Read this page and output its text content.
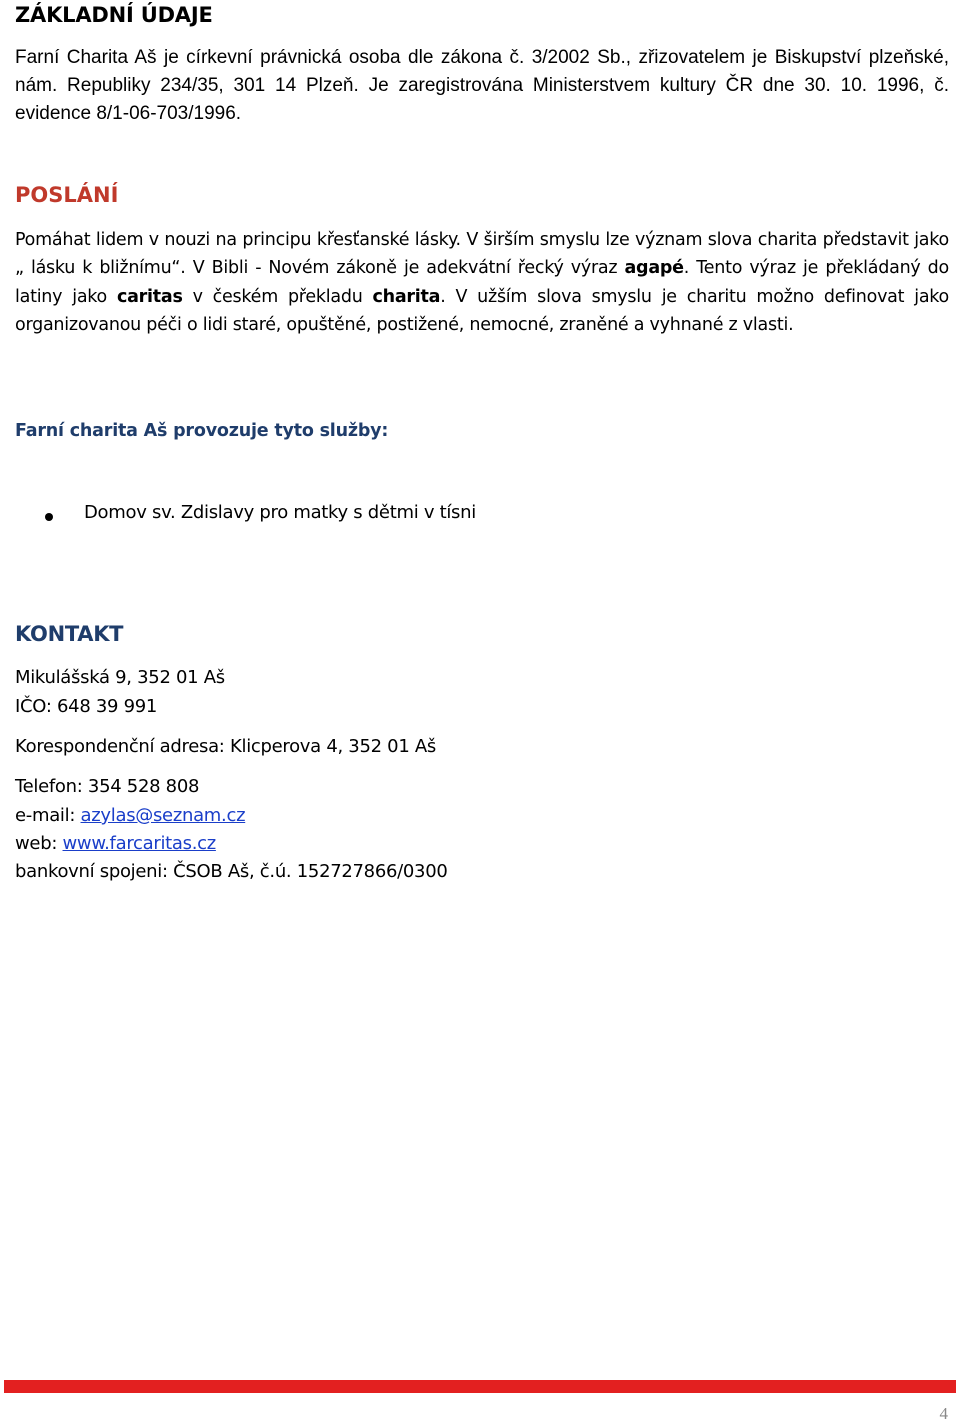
ZÁKLADNÍ ÚDAJE
Farní Charita Aš je církevní právnická osoba dle zákona č. 3/2002 Sb., zřizovatelem je Biskupství plzeňské, nám. Republiky 234/35, 301 14 Plzeň. Je zaregistrována Ministerstvem kultury ČR dne 30. 10. 1996, č. evidence 8/1-06-703/1996.
POSLÁNÍ
Pomáhat lidem v nouzi na principu křesťanské lásky. V širším smyslu lze význam slova charita představit jako „ lásku k bližnímu“. V Bibli - Novém zákoně je adekvátní řecký výraz agapé. Tento výraz je překládaný do latiny jako caritas v českém překladu charita. V užším slova smyslu je charitu možno definovat jako organizovanou péči o lidi staré, opuštěné, postižené, nemocné, zraněné a vyhnané z vlasti.
Farní charita Aš provozuje tyto služby:
Domov sv. Zdislavy pro matky s dětmi v tísni
KONTAKT
Mikulášská 9, 352 01 Aš
IČO: 648 39 991
Korespondenční adresa: Klicperova 4, 352 01 Aš
Telefon: 354 528 808
e-mail: azylas@seznam.cz
web: www.farcaritas.cz
bankovní spojeni: ČSOB Aš, č.ú. 152727866/0300
4
